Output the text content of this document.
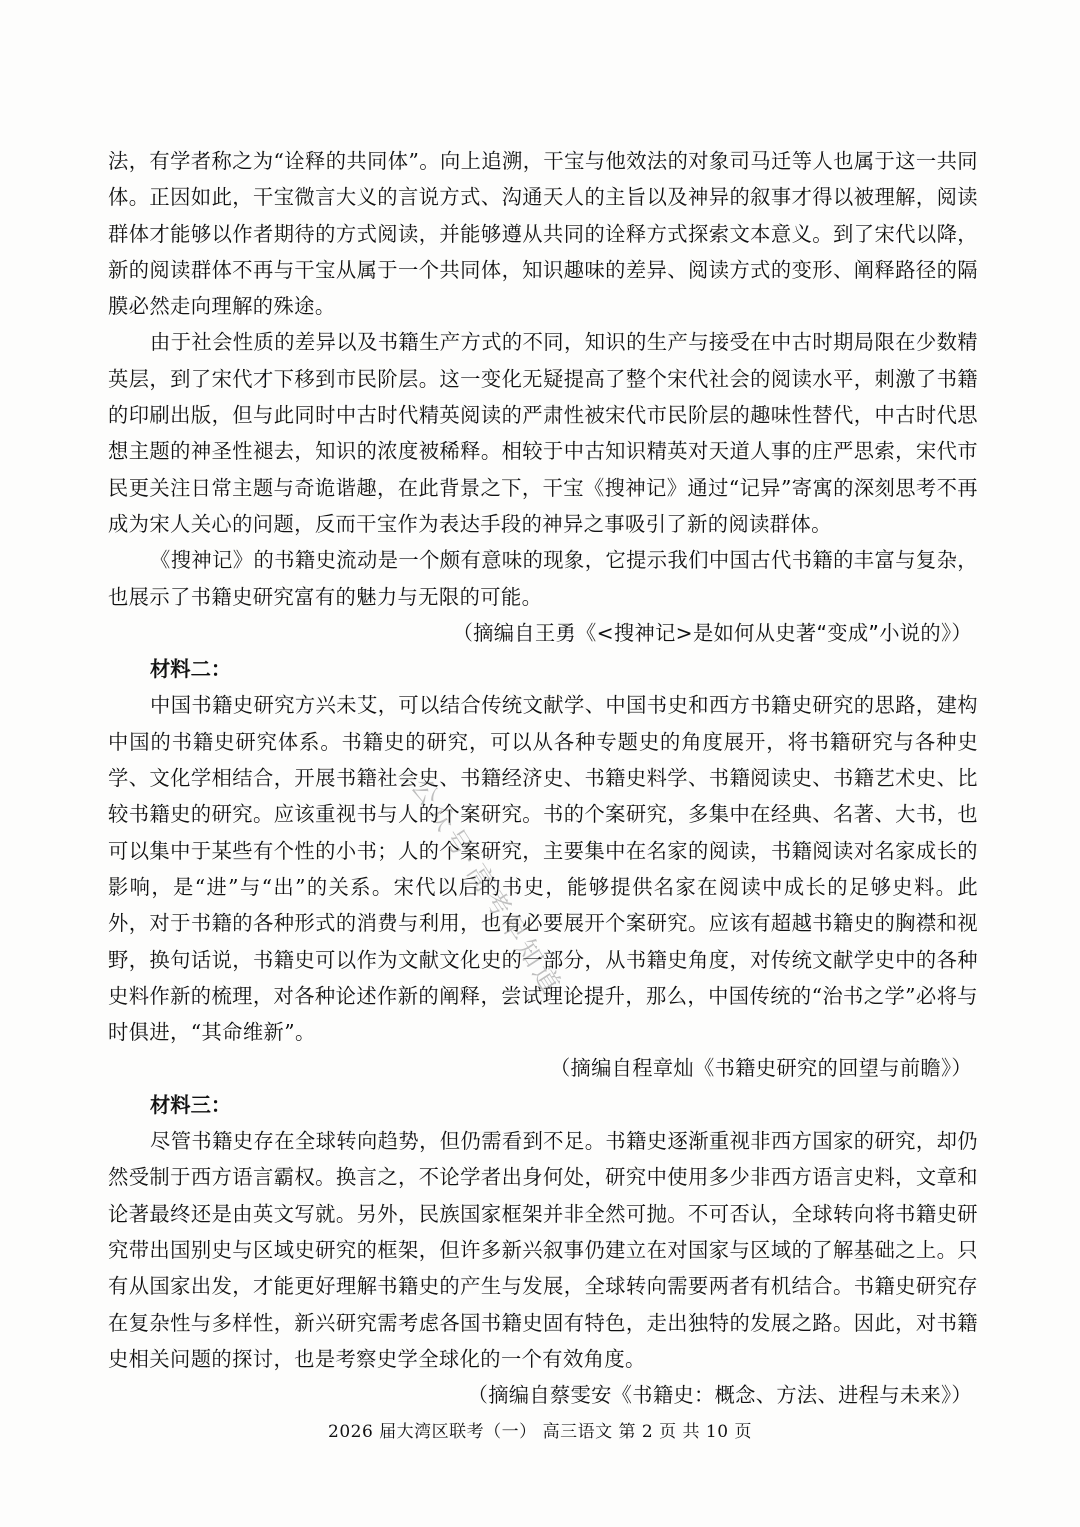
法，有学者称之为“诠释的共同体”。向上追溯，干宝与他效法的对象司马迁等人也属于这一共同体。正因如此，干宝微言大义的言说方式、沟通天人的主旨以及神异的叙事才得以被理解，阅读群体才能够以作者期待的方式阅读，并能够遵从共同的诠释方式探索文本意义。到了宋代以降，新的阅读群体不再与干宝从属于一个共同体，知识趣味的差异、阅读方式的变形、阐释路径的隔膜必然走向理解的殊途。

由于社会性质的差异以及书籍生产方式的不同，知识的生产与接受在中古时期局限在少数精英层，到了宋代才下移到市民阶层。这一变化无疑提高了整个宋代社会的阅读水平，刺激了书籍的印刷出版，但与此同时中古时代精英阅读的严肃性被宋代市民阶层的趣味性替代，中古时代思想主题的神圣性褪去，知识的浓度被稀释。相较于中古知识精英对天道人事的庄严思索，宋代市民更关注日常主题与奇诡谐趣，在此背景之下，干宝《搜神记》通过“记异”寄寓的深刻思考不再成为宋人关心的问题，反而干宝作为表达手段的神异之事吸引了新的阅读群体。

《搜神记》的书籍史流动是一个颇有意味的现象，它提示我们中国古代书籍的丰富与复杂，也展示了书籍史研究富有的魅力与无限的可能。

（摘编自王勇《<搜神记>是如何从史著“变成”小说的》）

材料二：

中国书籍史研究方兴未艾，可以结合传统文献学、中国书史和西方书籍史研究的思路，建构中国的书籍史研究体系。书籍史的研究，可以从各种专题史的角度展开，将书籍研究与各种史学、文化学相结合，开展书籍社会史、书籍经济史、书籍史料学、书籍阅读史、书籍艺术史、比较书籍史的研究。应该重视书与人的个案研究。书的个案研究，多集中在经典、名著、大书，也可以集中于某些有个性的小书；人的个案研究，主要集中在名家的阅读，书籍阅读对名家成长的影响，是“进”与“出”的关系。宋代以后的书史，能够提供名家在阅读中成长的足够史料。此外，对于书籍的各种形式的消费与利用，也有必要展开个案研究。应该有超越书籍史的胸襟和视野，换句话说，书籍史可以作为文献文化史的一部分，从书籍史角度，对传统文献学史中的各种史料作新的梳理，对各种论述作新的阐释，尝试理论提升，那么，中国传统的“治书之学”必将与时俱进，“其命维新”。

（摘编自程章灿《书籍史研究的回望与前瞻》）

材料三：

尽管书籍史存在全球转向趋势，但仍需看到不足。书籍史逐渐重视非西方国家的研究，却仍然受制于西方语言霸权。换言之，不论学者出身何处，研究中使用多少非西方语言史料，文章和论著最终还是由英文写就。另外，民族国家框架并非全然可抛。不可否认，全球转向将书籍史研究带出国别史与区域史研究的框架，但许多新兴叙事仍建立在对国家与区域的了解基础之上。只有从国家出发，才能更好理解书籍史的产生与发展，全球转向需要两者有机结合。书籍史研究存在复杂性与多样性，新兴研究需考虑各国书籍史固有特色，走出独特的发展之路。因此，对书籍史相关问题的探讨，也是考察史学全球化的一个有效角度。

（摘编自蔡雯安《书籍史：概念、方法、进程与未来》）

公众号·高考早知道
2026 届大湾区联考（一） 高三语文 第 2 页 共 10 页
